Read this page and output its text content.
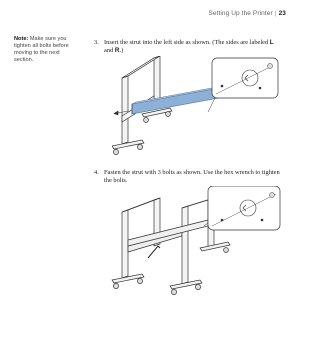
Setting Up the Printer | 23
Note: Make sure you tighten all bolts before moving to the next section.
3. Insert the strut into the left side as shown. (The sides are labeled L and R.)
4. Fasten the strut with 3 bolts as shown. Use the hex wrench to tighten the bolts.
